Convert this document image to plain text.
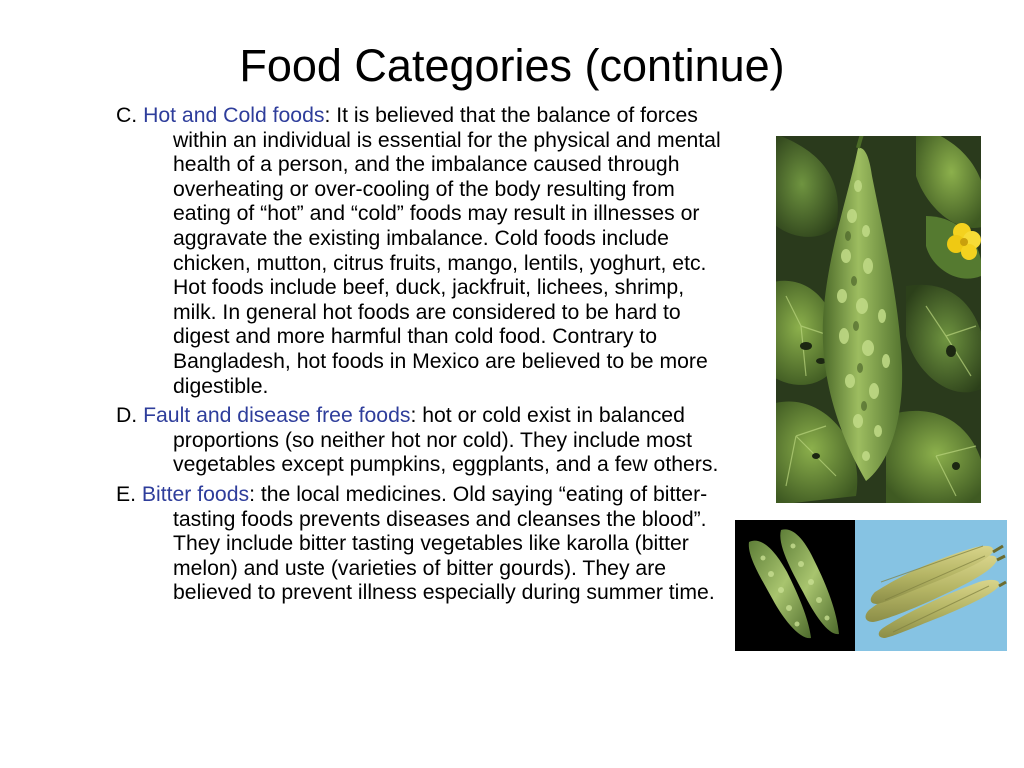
Food Categories (continue)

C. Hot and Cold foods: It is believed that the balance of forces within an individual is essential for the physical and mental health of a person, and the imbalance caused through overheating or over-cooling of the body resulting from eating of “hot” and “cold” foods may result in illnesses or aggravate the existing imbalance. Cold foods include chicken, mutton, citrus fruits, mango, lentils, yoghurt, etc. Hot foods include beef, duck, jackfruit, lichees, shrimp, milk. In general hot foods are considered to be hard to digest and more harmful than cold food. Contrary to Bangladesh, hot foods in Mexico are believed to be more digestible.

D. Fault and disease free foods: hot or cold exist in balanced proportions (so neither hot nor cold). They include most vegetables except pumpkins, eggplants, and a few others.

E. Bitter foods: the local medicines. Old saying “eating of bitter-tasting foods prevents diseases and cleanses the blood”. They include bitter tasting vegetables like karolla (bitter melon) and uste (varieties of bitter gourds). They are believed to prevent illness especially during summer time.
